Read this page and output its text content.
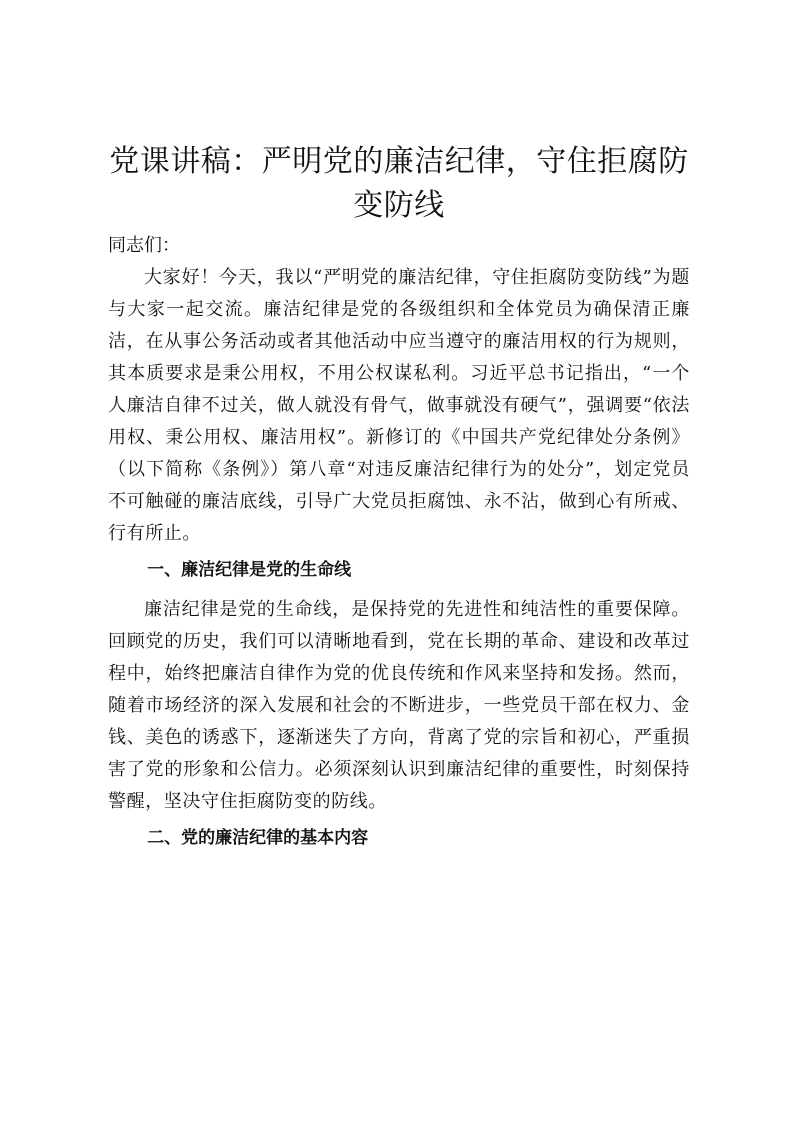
党课讲稿：严明党的廉洁纪律，守住拒腐防变防线

同志们：

大家好！今天，我以“严明党的廉洁纪律，守住拒腐防变防线”为题与大家一起交流。廉洁纪律是党的各级组织和全体党员为确保清正廉洁，在从事公务活动或者其他活动中应当遵守的廉洁用权的行为规则，其本质要求是秉公用权，不用公权谋私利。习近平总书记指出，“一个人廉洁自律不过关，做人就没有骨气，做事就没有硬气”，强调要“依法用权、秉公用权、廉洁用权”。新修订的《中国共产党纪律处分条例》（以下简称《条例》）第八章“对违反廉洁纪律行为的处分”，划定党员不可触碰的廉洁底线，引导广大党员拒腐蚀、永不沾，做到心有所戒、行有所止。

一、廉洁纪律是党的生命线

廉洁纪律是党的生命线，是保持党的先进性和纯洁性的重要保障。回顾党的历史，我们可以清晰地看到，党在长期的革命、建设和改革过程中，始终把廉洁自律作为党的优良传统和作风来坚持和发扬。然而，随着市场经济的深入发展和社会的不断进步，一些党员干部在权力、金钱、美色的诱惑下，逐渐迷失了方向，背离了党的宗旨和初心，严重损害了党的形象和公信力。必须深刻认识到廉洁纪律的重要性，时刻保持警醒，坚决守住拒腐防变的防线。

二、党的廉洁纪律的基本内容
